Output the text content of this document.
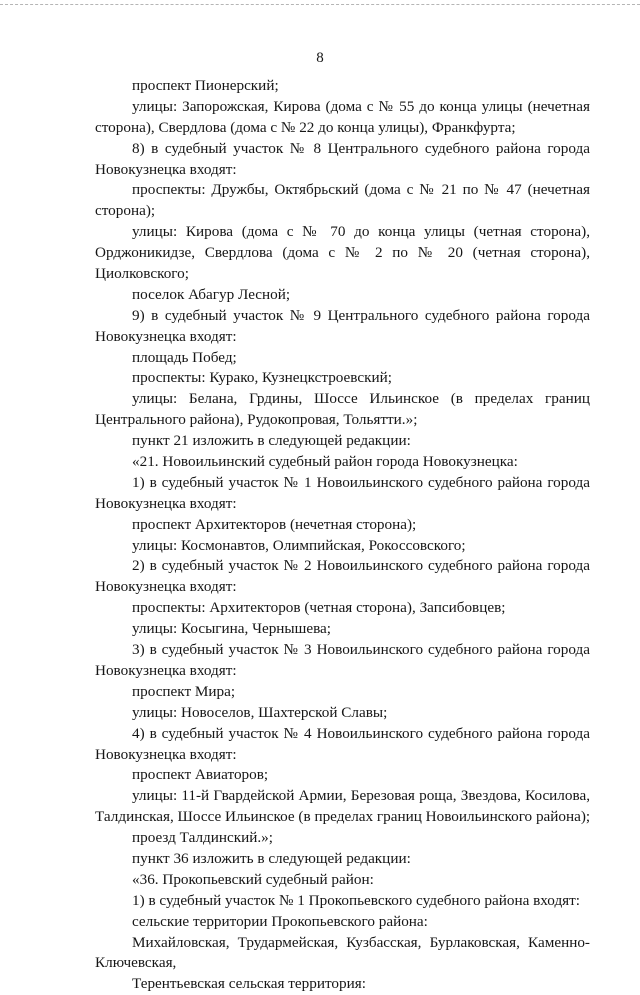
8
проспект Пионерский;
улицы: Запорожская, Кирова (дома с № 55 до конца улицы (нечетная
сторона), Свердлова (дома с № 22 до конца улицы), Франкфурта;
8) в судебный участок № 8 Центрального судебного района города
Новокузнецка входят:
проспекты: Дружбы, Октябрьский (дома с № 21 по № 47 (нечетная
сторона);
улицы: Кирова (дома с № 70 до конца улицы (четная сторона),
Орджоникидзе, Свердлова (дома с № 2 по № 20 (четная сторона),
Циолковского;
поселок Абагур Лесной;
9) в судебный участок № 9 Центрального судебного района города
Новокузнецка входят:
площадь Побед;
проспекты: Курако, Кузнецкстроевский;
улицы: Белана, Грдины, Шоссе Ильинское (в пределах границ
Центрального района), Рудокопровая, Тольятти.»;
пункт 21 изложить в следующей редакции:
«21. Новоильинский судебный район города Новокузнецка:
1) в судебный участок № 1 Новоильинского судебного района города
Новокузнецка входят:
проспект Архитекторов (нечетная сторона);
улицы: Космонавтов, Олимпийская, Рокоссовского;
2) в судебный участок № 2 Новоильинского судебного района города
Новокузнецка входят:
проспекты: Архитекторов (четная сторона), Запсибовцев;
улицы: Косыгина, Чернышева;
3) в судебный участок № 3 Новоильинского судебного района города
Новокузнецка входят:
проспект Мира;
улицы: Новоселов, Шахтерской Славы;
4) в судебный участок № 4 Новоильинского судебного района города
Новокузнецка входят:
проспект Авиаторов;
улицы: 11-й Гвардейской Армии, Березовая роща, Звездова, Косилова,
Талдинская, Шоссе Ильинское (в пределах границ Новоильинского района);
проезд Талдинский.»;
пункт 36 изложить в следующей редакции:
«36. Прокопьевский судебный район:
1) в судебный участок № 1 Прокопьевского судебного района входят:
сельские территории Прокопьевского района:
Михайловская, Трудармейская, Кузбасская, Бурлаковская, Каменно-
Ключевская,
Терентьевская сельская территория:
